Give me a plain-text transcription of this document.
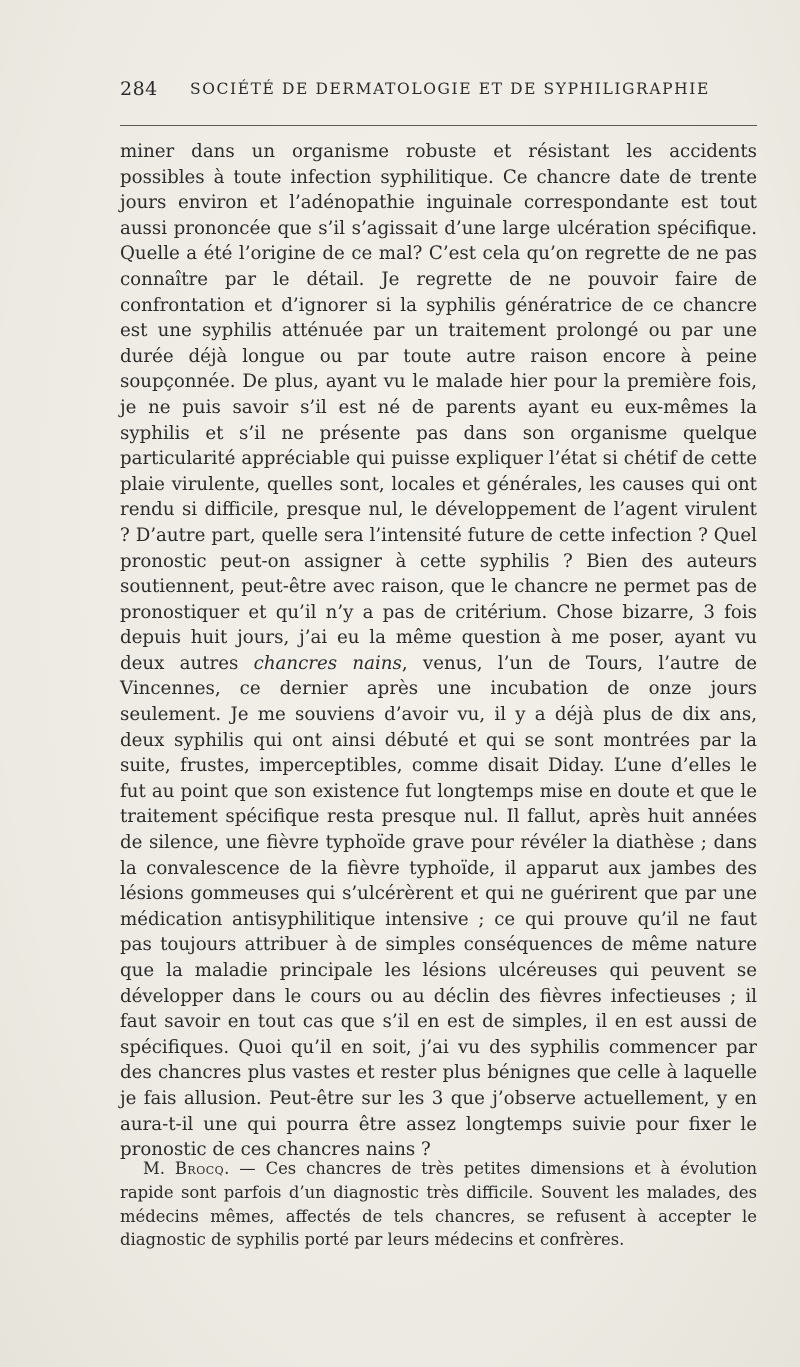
284 SOCIÉTÉ DE DERMATOLOGIE ET DE SYPHILIGRAPHIE

miner dans un organisme robuste et résistant les accidents possibles à toute infection syphilitique. Ce chancre date de trente jours environ et l’adénopathie inguinale correspondante est tout aussi prononcée que s’il s’agissait d’une large ulcération spécifique. Quelle a été l’origine de ce mal? C’est cela qu’on regrette de ne pas connaître par le détail. Je regrette de ne pouvoir faire de confrontation et d’ignorer si la syphilis génératrice de ce chancre est une syphilis atténuée par un traitement prolongé ou par une durée déjà longue ou par toute autre raison encore à peine soupçonnée. De plus, ayant vu le malade hier pour la première fois, je ne puis savoir s’il est né de parents ayant eu eux-mêmes la syphilis et s’il ne présente pas dans son organisme quelque particularité appréciable qui puisse expliquer l’état si chétif de cette plaie virulente, quelles sont, locales et générales, les causes qui ont rendu si difficile, presque nul, le développement de l’agent virulent ? D’autre part, quelle sera l’intensité future de cette infection ? Quel pronostic peut-on assigner à cette syphilis ? Bien des auteurs soutiennent, peut-être avec raison, que le chancre ne permet pas de pronostiquer et qu’il n’y a pas de critérium. Chose bizarre, 3 fois depuis huit jours, j’ai eu la même question à me poser, ayant vu deux autres chancres nains, venus, l’un de Tours, l’autre de Vincennes, ce dernier après une incubation de onze jours seulement. Je me souviens d’avoir vu, il y a déjà plus de dix ans, deux syphilis qui ont ainsi débuté et qui se sont montrées par la suite, frustes, imperceptibles, comme disait Diday. L’une d’elles le fut au point que son existence fut longtemps mise en doute et que le traitement spécifique resta presque nul. Il fallut, après huit années de silence, une fièvre typhoïde grave pour révéler la diathèse ; dans la convalescence de la fièvre typhoïde, il apparut aux jambes des lésions gommeuses qui s’ulcérèrent et qui ne guérirent que par une médication antisyphilitique intensive ; ce qui prouve qu’il ne faut pas toujours attribuer à de simples conséquences de même nature que la maladie principale les lésions ulcéreuses qui peuvent se développer dans le cours ou au déclin des fièvres infectieuses ; il faut savoir en tout cas que s’il en est de simples, il en est aussi de spécifiques. Quoi qu’il en soit, j’ai vu des syphilis commencer par des chancres plus vastes et rester plus bénignes que celle à laquelle je fais allusion. Peut-être sur les 3 que j’observe actuellement, y en aura-t-il une qui pourra être assez longtemps suivie pour fixer le pronostic de ces chancres nains ?

M. Brocq. — Ces chancres de très petites dimensions et à évolution rapide sont parfois d’un diagnostic très difficile. Souvent les malades, des médecins mêmes, affectés de tels chancres, se refusent à accepter le diagnostic de syphilis porté par leurs médecins et confrères.
